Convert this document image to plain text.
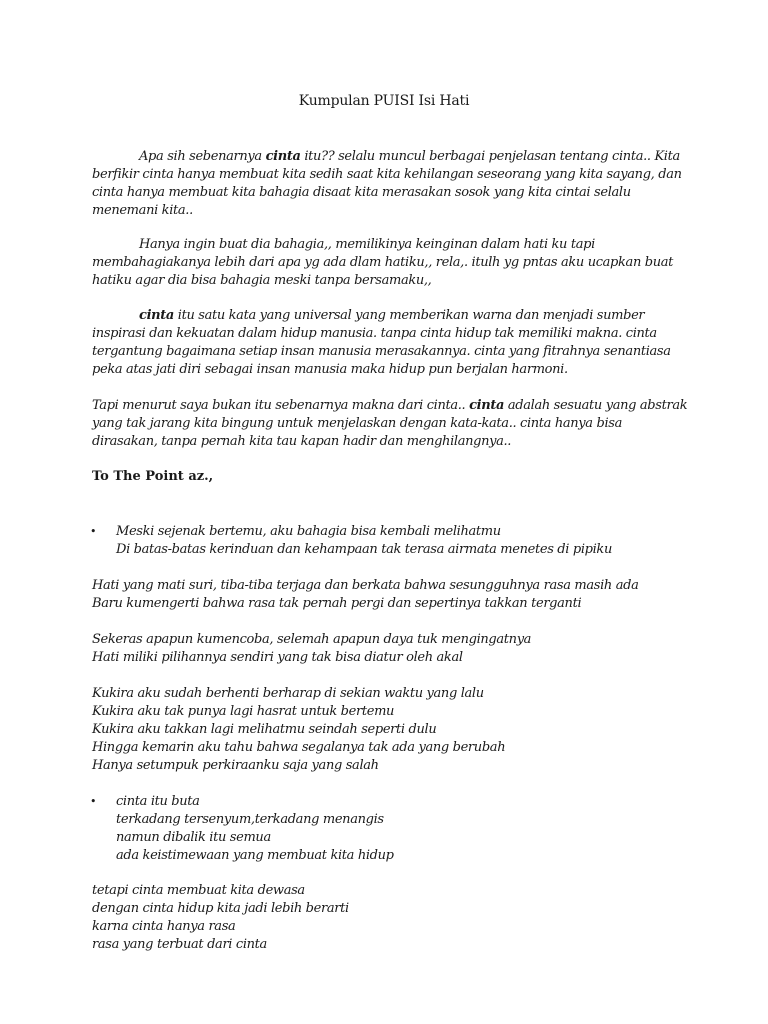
Kumpulan PUISI Isi Hati

Apa sih sebenarnya cinta itu?? selalu muncul berbagai penjelasan tentang cinta.. Kita

berfikir cinta hanya membuat kita sedih saat kita kehilangan seseorang yang kita sayang, dan

cinta hanya membuat kita bahagia disaat kita merasakan sosok yang kita cintai selalu

menemani kita..

Hanya ingin buat dia bahagia,, memilikinya keinginan dalam hati ku tapi

membahagiakanya lebih dari apa yg ada dlam hatiku,, rela,. itulh yg pntas aku ucapkan buat

hatiku agar dia bisa bahagia meski tanpa bersamaku,,

cinta itu satu kata yang universal yang memberikan warna dan menjadi sumber

inspirasi dan kekuatan dalam hidup manusia. tanpa cinta hidup tak memiliki makna. cinta

tergantung bagaimana setiap insan manusia merasakannya. cinta yang fitrahnya senantiasa

peka atas jati diri sebagai insan manusia maka hidup pun berjalan harmoni.

Tapi menurut saya bukan itu sebenarnya makna dari cinta.. cinta adalah sesuatu yang abstrak

yang tak jarang kita bingung untuk menjelaskan dengan kata-kata.. cinta hanya bisa

dirasakan, tanpa pernah kita tau kapan hadir dan menghilangnya..

To The Point az.,
• Meski sejenak bertemu, aku bahagia bisa kembali melihatmu

Di batas-batas kerinduan dan kehampaan tak terasa airmata menetes di pipiku

Hati yang mati suri, tiba-tiba terjaga dan berkata bahwa sesungguhnya rasa masih ada

Baru kumengerti bahwa rasa tak pernah pergi dan sepertinya takkan terganti

Sekeras apapun kumencoba, selemah apapun daya tuk mengingatnya

Hati miliki pilihannya sendiri yang tak bisa diatur oleh akal

Kukira aku sudah berhenti berharap di sekian waktu yang lalu

Kukira aku tak punya lagi hasrat untuk bertemu

Kukira aku takkan lagi melihatmu seindah seperti dulu

Hingga kemarin aku tahu bahwa segalanya tak ada yang berubah

Hanya setumpuk perkiraanku saja yang salah

• cinta itu buta

terkadang tersenyum,terkadang menangis

namun dibalik itu semua

ada keistimewaan yang membuat kita hidup

tetapi cinta membuat kita dewasa

dengan cinta hidup kita jadi lebih berarti

karna cinta hanya rasa

rasa yang terbuat dari cinta
